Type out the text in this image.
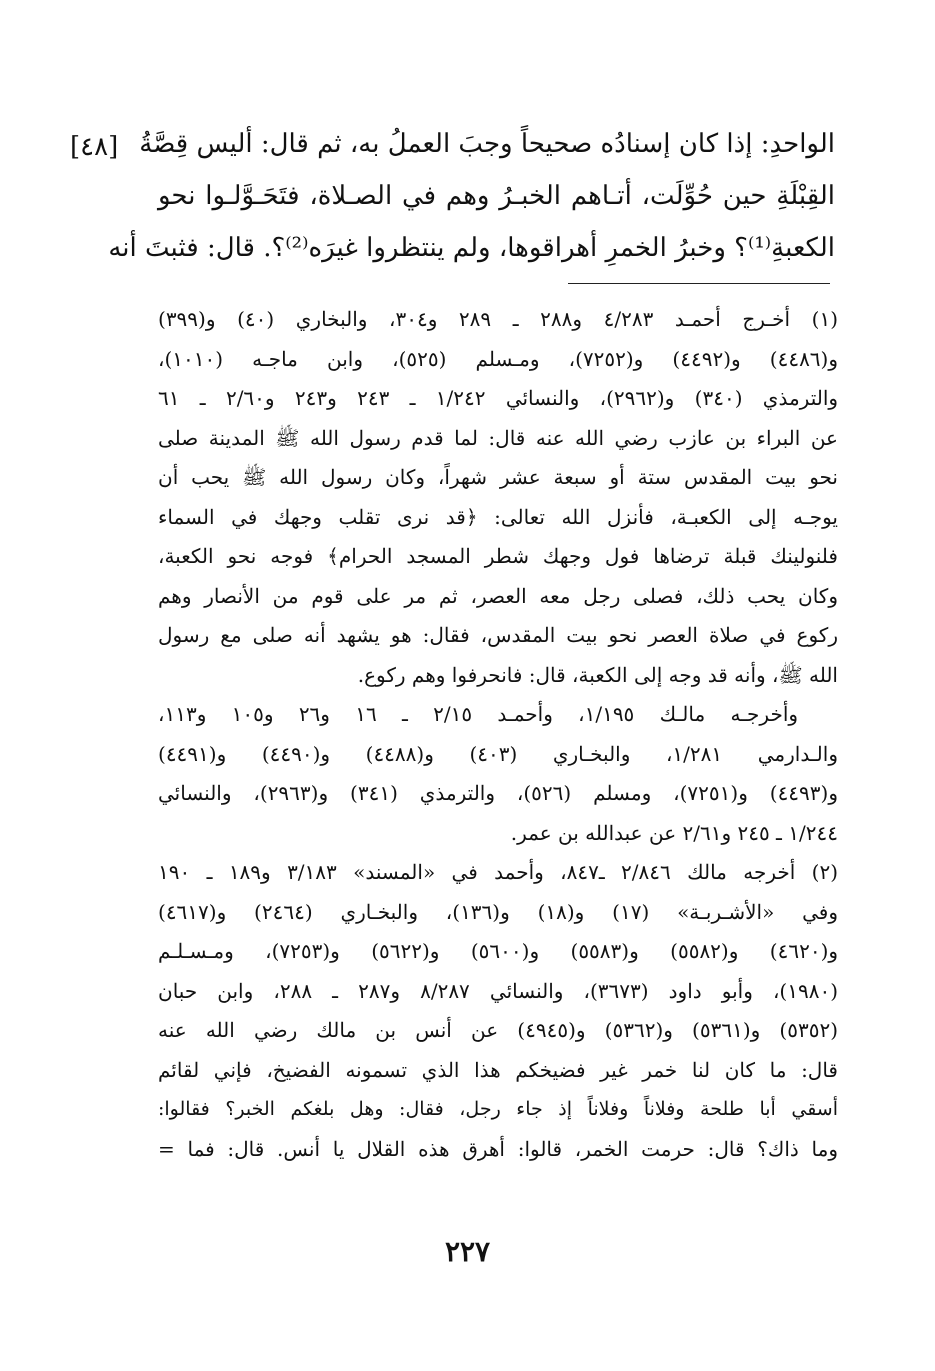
[٤٨] الواحدِ: إذا كان إسنادُه صحيحاً وجبَ العملُ به، ثم قال: أليس قِصَّةُ
القِبْلَةِ حين حُوِّلَت، أتـاهم الخبـرُ وهم في الصـلاة، فتَحَـوَّلـوا نحو
الكعبةِ⁽¹⁾؟ وخبرُ الخمرِ أهراقوها، ولم ينتظروا غيرَه⁽²⁾؟. قال: فثبتَ أنه
(١) أخـرج أحمـد ٤/٢٨٣ و٢٨٨ ـ ٢٨٩ و٣٠٤، والبخاري (٤٠) و(٣٩٩)
و(٤٤٨٦) و(٤٤٩٢) و(٧٢٥٢)، ومـسلم (٥٢٥)، وابن ماجـه (١٠١٠)،
والترمذي (٣٤٠) و(٢٩٦٢)، والنسائي ١/٢٤٢ ـ ٢٤٣ و٢٤٣ و٢/٦٠ ـ ٦١
عن البراء بن عازب رضي الله عنه قال: لما قدم رسول الله ﷺ المدينة صلى
نحو بيت المقدس ستة أو سبعة عشر شهراً، وكان رسول الله ﷺ يحب أن
يوجـه إلى الكعبـة، فأنزل الله تعالى: ﴿قد نرى تقلب وجهك في السماء
فلنولينك قبلة ترضاها فول وجهك شطر المسجد الحرام﴾ فوجه نحو الكعبة،
وكان يحب ذلك، فصلى رجل معه العصر، ثم مر على قوم من الأنصار وهم
ركوع في صلاة العصر نحو بيت المقدس، فقال: هو يشهد أنه صلى مع رسول
الله ﷺ، وأنه قد وجه إلى الكعبة، قال: فانحرفوا وهم ركوع.
وأخرجـه مالـك ١/١٩٥، وأحمـد ٢/١٥ ـ ١٦ و٢٦ و١٠٥ و١١٣،
والـدارمي ١/٢٨١، والبخـاري (٤٠٣) و(٤٤٨٨) و(٤٤٩٠) و(٤٤٩١)
و(٤٤٩٣) و(٧٢٥١)، ومسلم (٥٢٦)، والترمذي (٣٤١) و(٢٩٦٣)، والنسائي
١/٢٤٤ ـ ٢٤٥ و٢/٦١ عن عبدالله بن عمر.
(٢) أخرجه مالك ٢/٨٤٦ ـ٨٤٧، وأحمد في «المسند» ٣/١٨٣ و١٨٩ ـ ١٩٠
وفي «الأشـربـة» (١٧) و(١٨) و(١٣٦)، والبخـاري (٢٤٦٤) و(٤٦١٧)
و(٤٦٢٠) و(٥٥٨٢) و(٥٥٨٣) و(٥٦٠٠) و(٥٦٢٢) و(٧٢٥٣)، ومـسـلـم
(١٩٨٠)، وأبو داود (٣٦٧٣)، والنسائي ٨/٢٨٧ و٢٨٧ ـ ٢٨٨، وابن حبان
(٥٣٥٢) و(٥٣٦١) و(٥٣٦٢) و(٤٩٤٥) عن أنس بن مالك رضي الله عنه
قال: ما كان لنا خمر غير فضيخكم هذا الذي تسمونه الفضيخ، فإني لقائم
أسقي أبا طلحة وفلاناً وفلاناً إذ جاء رجل، فقال: وهل بلغكم الخبر؟ فقالوا:
وما ذاك؟ قال: حرمت الخمر، قالوا: أهرق هذه القلال يا أنس. قال: فما =
٢٢٧
